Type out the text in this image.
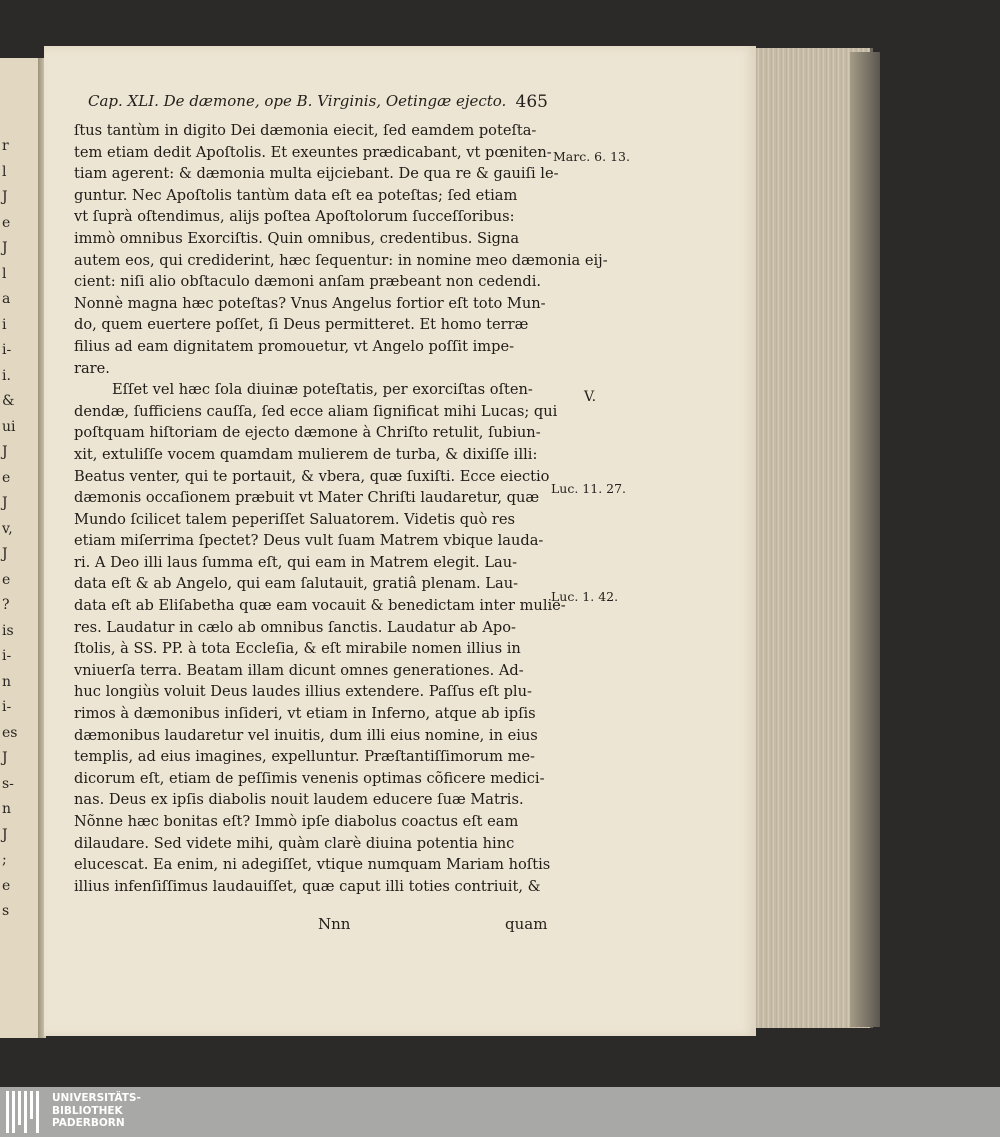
r
l
J
e
J
l
a
i
i-
i.
&
ui
J
e
J
v,
J
e
?
is
i-
n
i-
es
J
s-
n
J
;
e
s
Cap. XLI. De dæmone, ope B. Virginis, Oetingæ ejecto. 465
ſtus tantùm in digito Dei dæmonia eiecit, ſed eamdem poteſta-
tem etiam dedit Apoſtolis. Et exeuntes prædicabant, vt pœniten-
tiam agerent: & dæmonia multa eijciebant. De qua re & gauiſi le-
guntur. Nec Apoſtolis tantùm data eſt ea poteſtas; ſed etiam
vt ſuprà oſtendimus, alijs poſtea Apoſtolorum ſucceſſoribus:
immò omnibus Exorciſtis. Quin omnibus, credentibus. Signa
autem eos, qui crediderint, hæc ſequentur: in nomine meo dæmonia eij-
cient: niſi alio obſtaculo dæmoni anſam præbeant non cedendi.
Nonnè magna hæc poteſtas? Vnus Angelus fortior eſt toto Mun-
do, quem euertere poſſet, ſi Deus permitteret. Et homo terræ
filius ad eam dignitatem promouetur, vt Angelo poſſit impe-
rare.
Eſſet vel hæc ſola diuinæ poteſtatis, per exorciſtas oſten-
dendæ, ſufficiens cauſſa, ſed ecce aliam ſignificat mihi Lucas; qui
poſtquam hiſtoriam de ejecto dæmone à Chriſto retulit, ſubiun-
xit, extuliſſe vocem quamdam mulierem de turba, & dixiſſe illi:
Beatus venter, qui te portauit, & vbera, quæ ſuxiſti. Ecce eiectio
dæmonis occaſionem præbuit vt Mater Chriſti laudaretur, quæ
Mundo ſcilicet talem peperiſſet Saluatorem. Videtis quò res
etiam miſerrima ſpectet? Deus vult ſuam Matrem vbique lauda-
ri. A Deo illi laus ſumma eſt, qui eam in Matrem elegit. Lau-
data eſt & ab Angelo, qui eam ſalutauit, gratiâ plenam. Lau-
data eſt ab Eliſabetha quæ eam vocauit & benedictam inter mulie-
res. Laudatur in cælo ab omnibus ſanctis. Laudatur ab Apo-
ſtolis, à SS. PP. à tota Eccleſia, & eſt mirabile nomen illius in
vniuerſa terra. Beatam illam dicunt omnes generationes. Ad-
huc longiùs voluit Deus laudes illius extendere. Paſſus eſt plu-
rimos à dæmonibus inſideri, vt etiam in Inferno, atque ab ipſis
dæmonibus laudaretur vel inuitis, dum illi eius nomine, in eius
templis, ad eius imagines, expelluntur. Præſtantiſſimorum me-
dicorum eſt, etiam de peſſimis venenis optimas cõficere medici-
nas. Deus ex ipſis diabolis nouit laudem educere ſuæ Matris.
Nõnne hæc bonitas eſt? Immò ipſe diabolus coactus eſt eam
dilaudare. Sed videte mihi, quàm clarè diuina potentia hinc
elucescat. Ea enim, ni adegiſſet, vtique numquam Mariam hoſtis
illius infenſiſſimus laudauiſſet, quæ caput illi toties contriuit, &
Marc. 6. 13.
V.
Luc. 11. 27.
Luc. 1. 42.
Nnn	quam
UNIVERSITÄTS-
BIBLIOTHEK
PADERBORN
